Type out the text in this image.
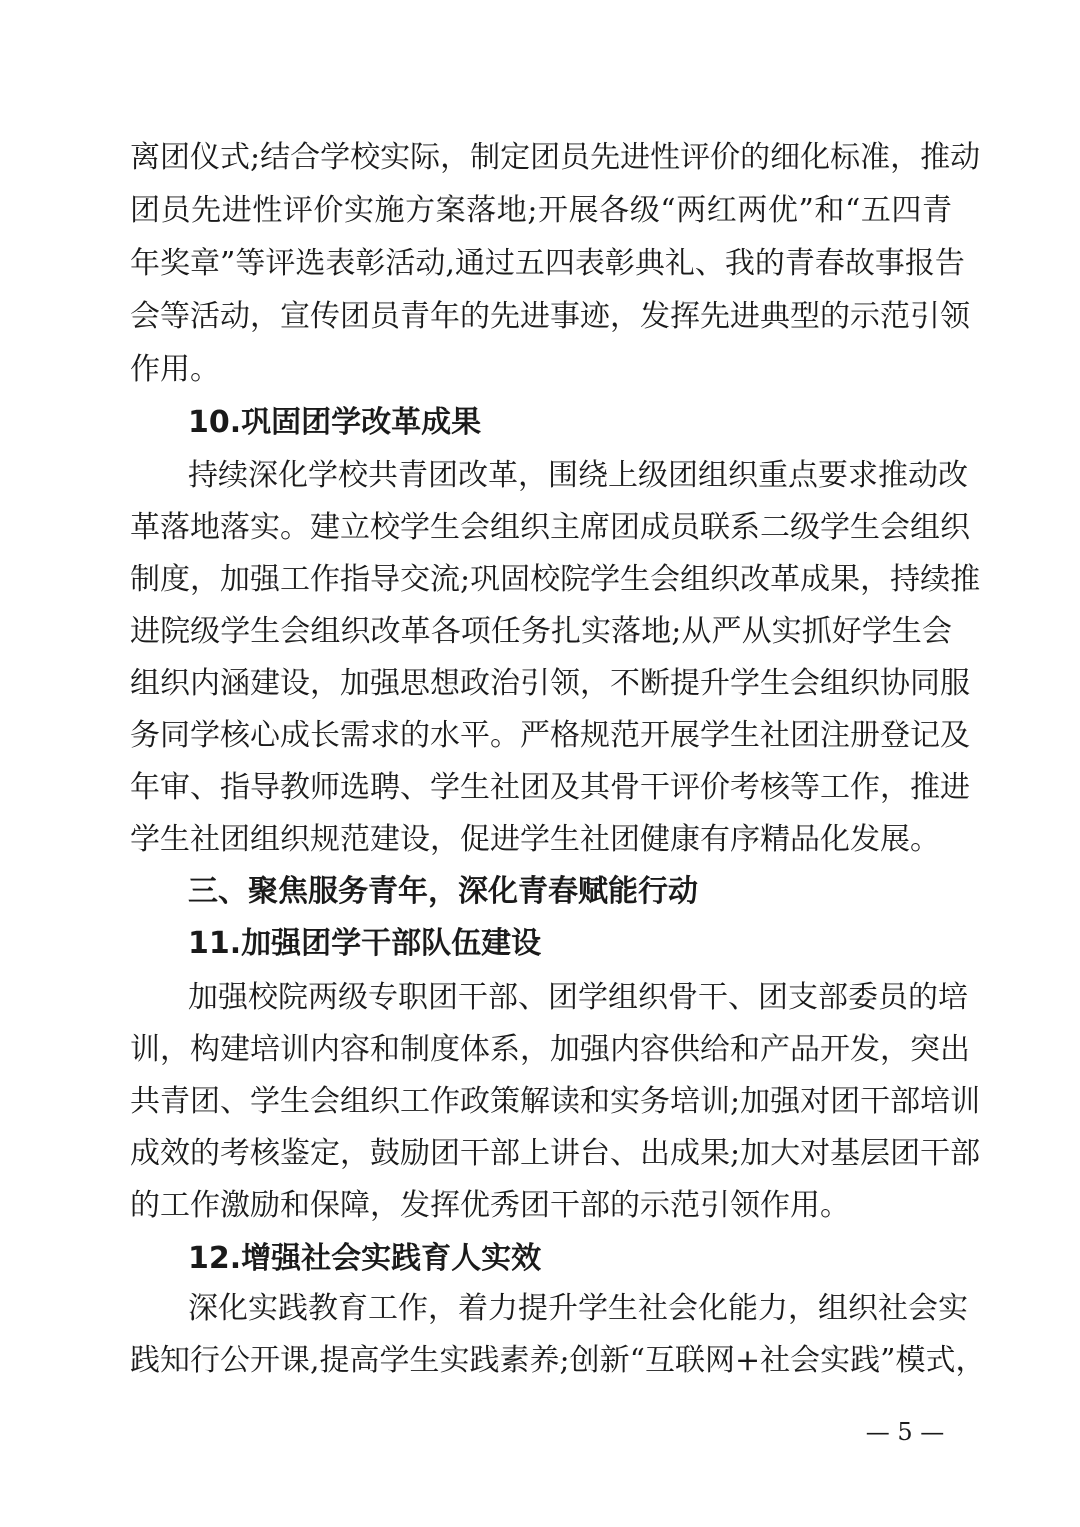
离团仪式;结合学校实际，制定团员先进性评价的细化标准，推动
团员先进性评价实施方案落地;开展各级“两红两优”和“五四青
年奖章”等评选表彰活动,通过五四表彰典礼、我的青春故事报告
会等活动，宣传团员青年的先进事迹，发挥先进典型的示范引领
作用。
10.巩固团学改革成果
持续深化学校共青团改革，围绕上级团组织重点要求推动改
革落地落实。建立校学生会组织主席团成员联系二级学生会组织
制度，加强工作指导交流;巩固校院学生会组织改革成果，持续推
进院级学生会组织改革各项任务扎实落地;从严从实抓好学生会
组织内涵建设，加强思想政治引领，不断提升学生会组织协同服
务同学核心成长需求的水平。严格规范开展学生社团注册登记及
年审、指导教师选聘、学生社团及其骨干评价考核等工作，推进
学生社团组织规范建设，促进学生社团健康有序精品化发展。
三、聚焦服务青年，深化青春赋能行动
11.加强团学干部队伍建设
加强校院两级专职团干部、团学组织骨干、团支部委员的培
训，构建培训内容和制度体系，加强内容供给和产品开发，突出
共青团、学生会组织工作政策解读和实务培训;加强对团干部培训
成效的考核鉴定，鼓励团干部上讲台、出成果;加大对基层团干部
的工作激励和保障，发挥优秀团干部的示范引领作用。
12.增强社会实践育人实效
深化实践教育工作，着力提升学生社会化能力，组织社会实
践知行公开课,提高学生实践素养;创新“互联网+社会实践”模式，
— 5 —
